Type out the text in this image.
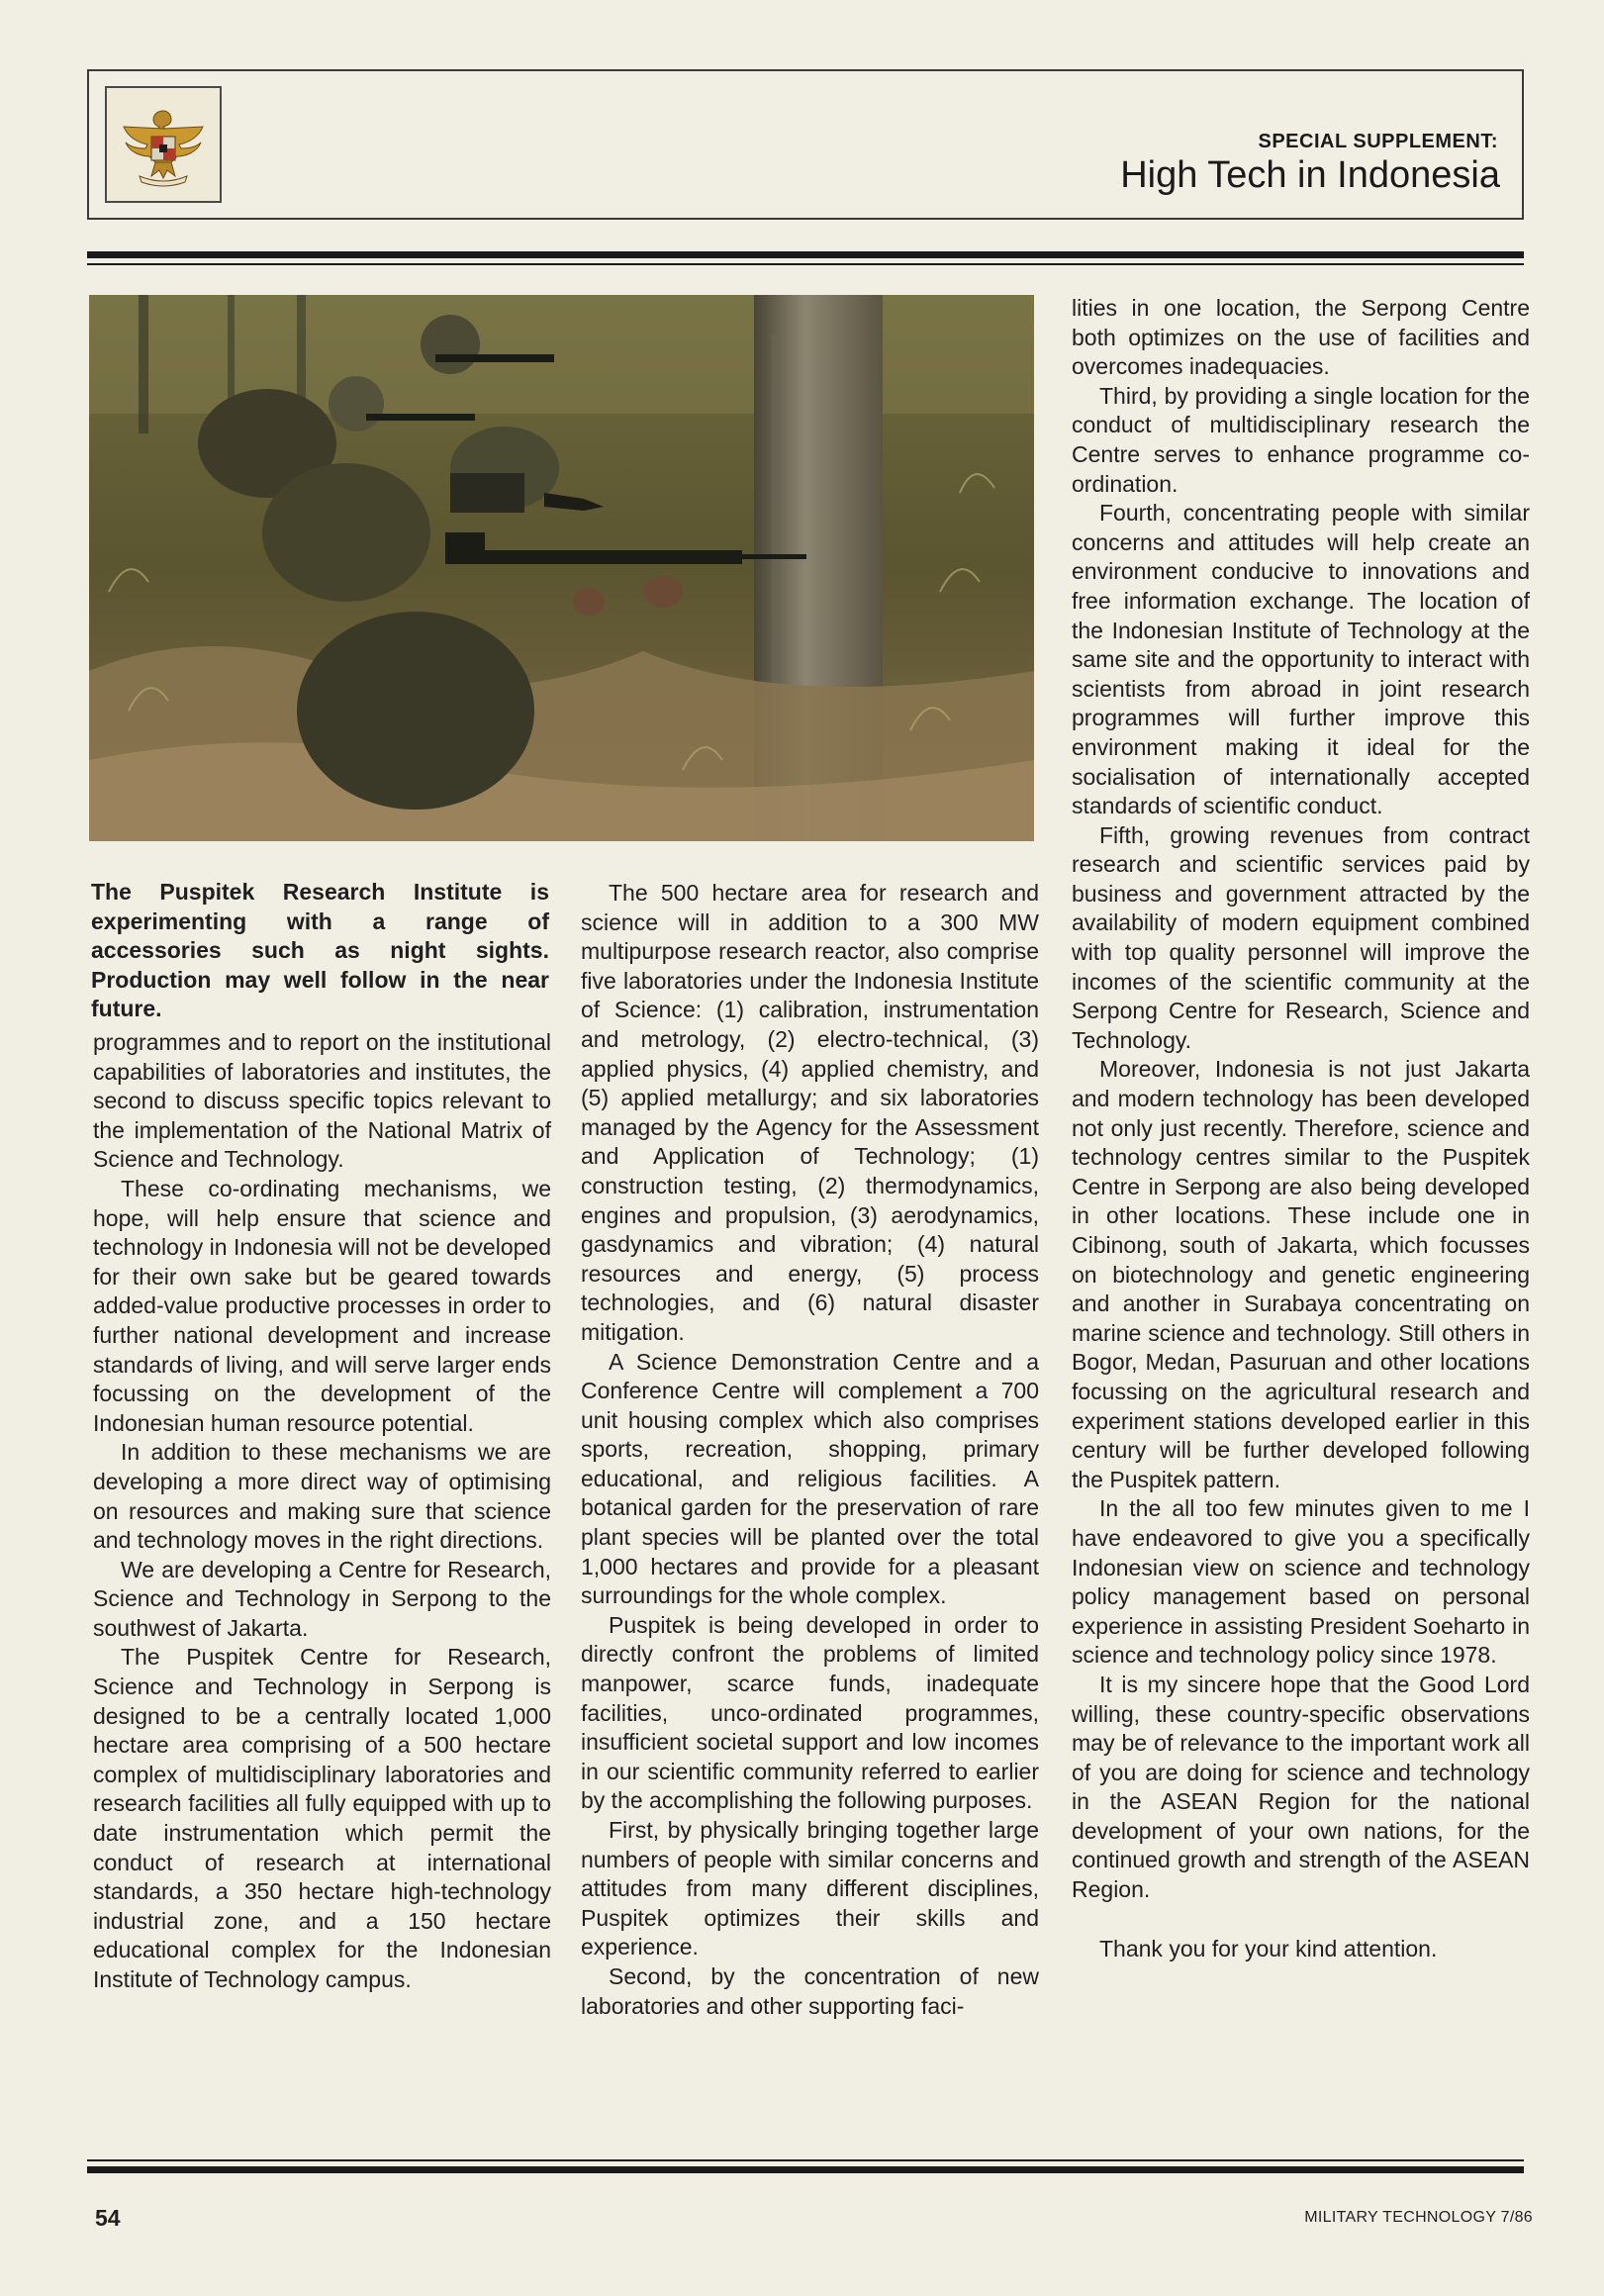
SPECIAL SUPPLEMENT:
High Tech in Indonesia
The Puspitek Research Institute is experimenting with a range of accessories such as night sights. Production may well follow in the near future.

programmes and to report on the institutional capabilities of laboratories and institutes, the second to discuss specific topics relevant to the implementation of the National Matrix of Science and Technology.

These co-ordinating mechanisms, we hope, will help ensure that science and technology in Indonesia will not be developed for their own sake but be geared towards added-value productive processes in order to further national development and increase standards of living, and will serve larger ends focussing on the development of the Indonesian human resource potential.

In addition to these mechanisms we are developing a more direct way of optimising on resources and making sure that science and technology moves in the right directions.

We are developing a Centre for Research, Science and Technology in Serpong to the southwest of Jakarta.

The Puspitek Centre for Research, Science and Technology in Serpong is designed to be a centrally located 1,000 hectare area comprising of a 500 hectare complex of multidisciplinary laboratories and research facilities all fully equipped with up to date instrumentation which permit the conduct of research at international standards, a 350 hectare high-technology industrial zone, and a 150 hectare educational complex for the Indonesian Institute of Technology campus.

The 500 hectare area for research and science will in addition to a 300 MW multipurpose research reactor, also comprise five laboratories under the Indonesia Institute of Science: (1) calibration, instrumentation and metrology, (2) electro-technical, (3) applied physics, (4) applied chemistry, and (5) applied metallurgy; and six laboratories managed by the Agency for the Assessment and Application of Technology; (1) construction testing, (2) thermodynamics, engines and propulsion, (3) aerodynamics, gasdynamics and vibration; (4) natural resources and energy, (5) process technologies, and (6) natural disaster mitigation.

A Science Demonstration Centre and a Conference Centre will complement a 700 unit housing complex which also comprises sports, recreation, shopping, primary educational, and religious facilities. A botanical garden for the preservation of rare plant species will be planted over the total 1,000 hectares and provide for a pleasant surroundings for the whole complex.

Puspitek is being developed in order to directly confront the problems of limited manpower, scarce funds, inadequate facilities, unco-ordinated programmes, insufficient societal support and low incomes in our scientific community referred to earlier by the accomplishing the following purposes.

First, by physically bringing together large numbers of people with similar concerns and attitudes from many different disciplines, Puspitek optimizes their skills and experience.

Second, by the concentration of new laboratories and other supporting faci-

lities in one location, the Serpong Centre both optimizes on the use of facilities and overcomes inadequacies.

Third, by providing a single location for the conduct of multidisciplinary research the Centre serves to enhance programme co-ordination.

Fourth, concentrating people with similar concerns and attitudes will help create an environment conducive to innovations and free information exchange. The location of the Indonesian Institute of Technology at the same site and the opportunity to interact with scientists from abroad in joint research programmes will further improve this environment making it ideal for the socialisation of internationally accepted standards of scientific conduct.

Fifth, growing revenues from contract research and scientific services paid by business and government attracted by the availability of modern equipment combined with top quality personnel will improve the incomes of the scientific community at the Serpong Centre for Research, Science and Technology.

Moreover, Indonesia is not just Jakarta and modern technology has been developed not only just recently. Therefore, science and technology centres similar to the Puspitek Centre in Serpong are also being developed in other locations. These include one in Cibinong, south of Jakarta, which focusses on biotechnology and genetic engineering and another in Surabaya concentrating on marine science and technology. Still others in Bogor, Medan, Pasuruan and other locations focussing on the agricultural research and experiment stations developed earlier in this century will be further developed following the Puspitek pattern.

In the all too few minutes given to me I have endeavored to give you a specifically Indonesian view on science and technology policy management based on personal experience in assisting President Soeharto in science and technology policy since 1978.

It is my sincere hope that the Good Lord willing, these country-specific observations may be of relevance to the important work all of you are doing for science and technology in the ASEAN Region for the national development of your own nations, for the continued growth and strength of the ASEAN Region.

Thank you for your kind attention.

54	MILITARY TECHNOLOGY 7/86
